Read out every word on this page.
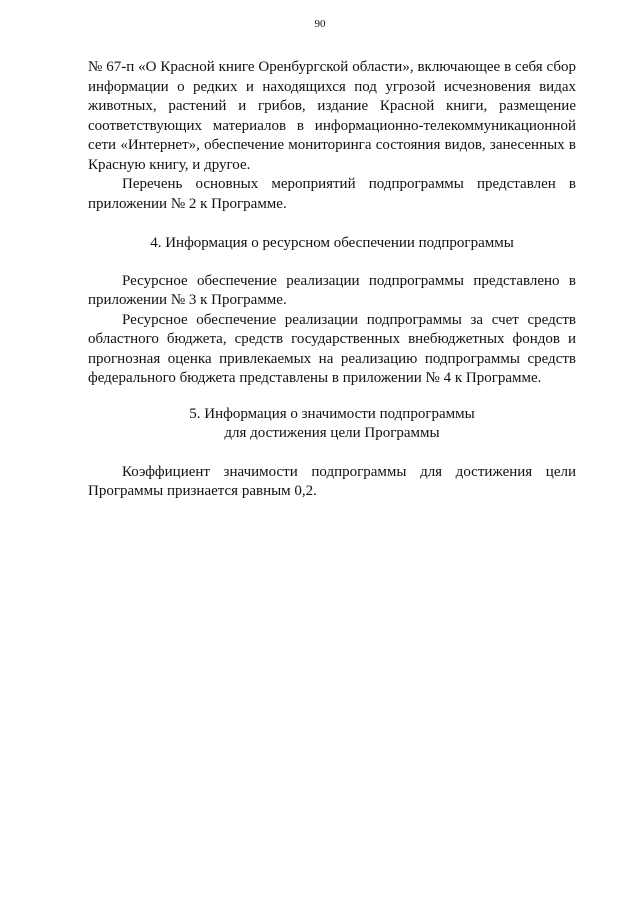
90

№ 67-п «О Красной книге Оренбургской области», включающее в себя сбор информации о редких и находящихся под угрозой исчезновения видах животных, растений и грибов, издание Красной книги, размещение соответствующих материалов в информационно-телекоммуникационной сети «Интернет», обеспечение мониторинга состояния видов, занесенных в Красную книгу, и другое.

Перечень основных мероприятий подпрограммы представлен в приложении № 2 к Программе.

4. Информация о ресурсном обеспечении подпрограммы

Ресурсное обеспечение реализации подпрограммы представлено в приложении № 3 к Программе.

Ресурсное обеспечение реализации подпрограммы за счет средств областного бюджета, средств государственных внебюджетных фондов и прогнозная оценка привлекаемых на реализацию подпрограммы средств федерального бюджета представлены в приложении № 4 к Программе.

5. Информация о значимости подпрограммы
для достижения цели Программы

Коэффициент значимости подпрограммы для достижения цели Программы признается равным 0,2.
